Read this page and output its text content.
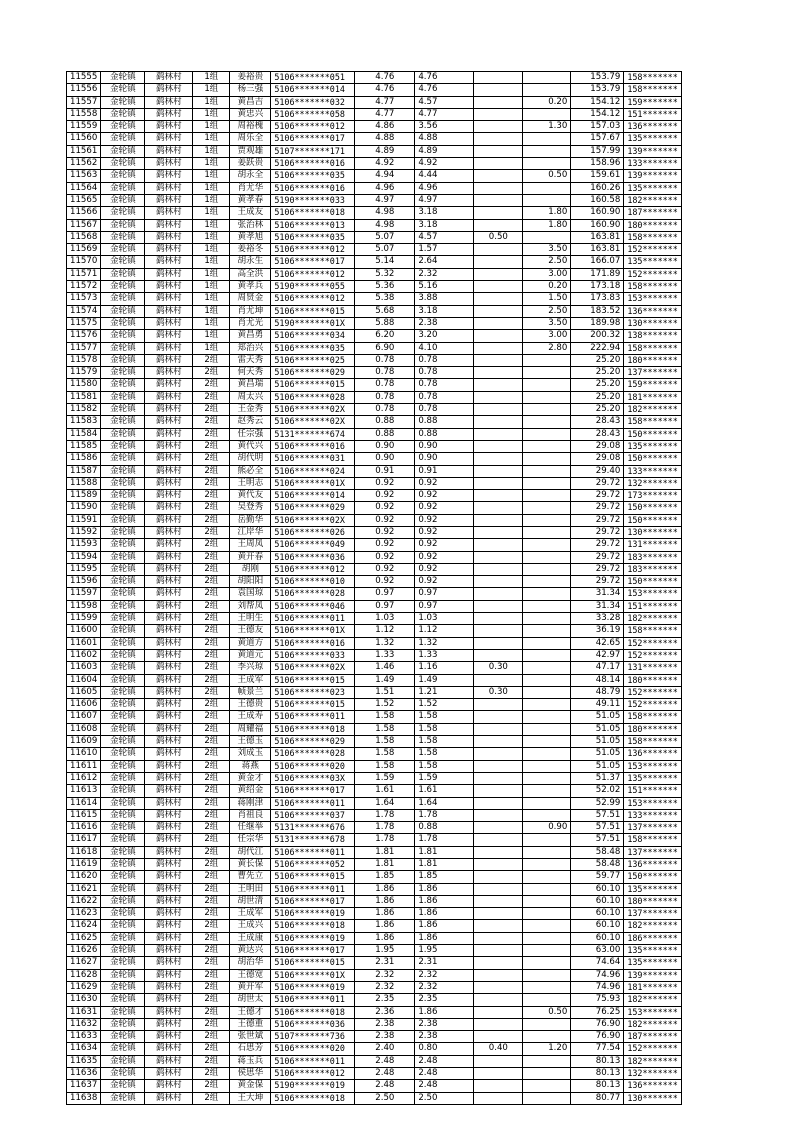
11555	金轮镇	鹞林村	1组	姜裕贵	5106*******051	4.76	4.76			153.79	158*******
11556	金轮镇	鹞林村	1组	杨三强	5106*******014	4.76	4.76			153.79	158*******
11557	金轮镇	鹞林村	1组	黄昌吉	5106*******032	4.77	4.57		0.20	154.12	159*******
11558	金轮镇	鹞林村	1组	黄忠兴	5106*******058	4.77	4.77			154.12	151*******
11559	金轮镇	鹞林村	1组	周裕槐	5106*******012	4.86	3.56		1.30	157.03	136*******
11560	金轮镇	鹞林村	1组	周乐全	5106*******017	4.88	4.88			157.67	135*******
11561	金轮镇	鹞林村	1组	贾观雄	5107*******171	4.89	4.89			157.99	139*******
11562	金轮镇	鹞林村	1组	姜跃贵	5106*******016	4.92	4.92			158.96	133*******
11563	金轮镇	鹞林村	1组	胡永全	5106*******035	4.94	4.44		0.50	159.61	139*******
11564	金轮镇	鹞林村	1组	肖尤华	5106*******016	4.96	4.96			160.26	135*******
11565	金轮镇	鹞林村	1组	黄孝春	5190*******033	4.97	4.97			160.58	182*******
11566	金轮镇	鹞林村	1组	王成友	5106*******018	4.98	3.18		1.80	160.90	187*******
11567	金轮镇	鹞林村	1组	张治林	5106*******013	4.98	3.18		1.80	160.90	180*******
11568	金轮镇	鹞林村	1组	黄孝旭	5106*******035	5.07	4.57	0.50		163.81	158*******
11569	金轮镇	鹞林村	1组	姜裕冬	5106*******012	5.07	1.57		3.50	163.81	152*******
11570	金轮镇	鹞林村	1组	胡永生	5106*******017	5.14	2.64		2.50	166.07	135*******
11571	金轮镇	鹞林村	1组	高全洪	5106*******012	5.32	2.32		3.00	171.89	152*******
11572	金轮镇	鹞林村	1组	黄孝兵	5190*******055	5.36	5.16		0.20	173.18	158*******
11573	金轮镇	鹞林村	1组	周贤金	5106*******012	5.38	3.88		1.50	173.83	153*******
11574	金轮镇	鹞林村	1组	肖尤坤	5106*******015	5.68	3.18		2.50	183.52	136*******
11575	金轮镇	鹞林村	1组	肖尤光	5190*******01X	5.88	2.38		3.50	189.98	130*******
11576	金轮镇	鹞林村	1组	黄昌勇	5106*******034	6.20	3.20		3.00	200.32	138*******
11577	金轮镇	鹞林村	1组	郑治兴	5106*******035	6.90	4.10		2.80	222.94	158*******
11578	金轮镇	鹞林村	2组	雷天秀	5106*******025	0.78	0.78			25.20	180*******
11579	金轮镇	鹞林村	2组	何天秀	5106*******029	0.78	0.78			25.20	137*******
11580	金轮镇	鹞林村	2组	黄昌瑞	5106*******015	0.78	0.78			25.20	159*******
11581	金轮镇	鹞林村	2组	周太兴	5106*******028	0.78	0.78			25.20	181*******
11582	金轮镇	鹞林村	2组	王金秀	5106*******02X	0.78	0.78			25.20	182*******
11583	金轮镇	鹞林村	2组	赵秀云	5106*******02X	0.88	0.88			28.43	158*******
11584	金轮镇	鹞林村	2组	任宗强	5131*******674	0.88	0.88			28.43	150*******
11585	金轮镇	鹞林村	2组	黄代兴	5106*******016	0.90	0.90			29.08	135*******
11586	金轮镇	鹞林村	2组	胡代明	5106*******031	0.90	0.90			29.08	150*******
11587	金轮镇	鹞林村	2组	熊必全	5106*******024	0.91	0.91			29.40	133*******
11588	金轮镇	鹞林村	2组	王明志	5106*******01X	0.92	0.92			29.72	132*******
11589	金轮镇	鹞林村	2组	黄代友	5106*******014	0.92	0.92			29.72	173*******
11590	金轮镇	鹞林村	2组	吴登秀	5106*******029	0.92	0.92			29.72	150*******
11591	金轮镇	鹞林村	2组	岳勤华	5106*******02X	0.92	0.92			29.72	150*******
11592	金轮镇	鹞林村	2组	江岸华	5106*******026	0.92	0.92			29.72	130*******
11593	金轮镇	鹞林村	2组	王周凤	5106*******049	0.92	0.92			29.72	131*******
11594	金轮镇	鹞林村	2组	黄开春	5106*******036	0.92	0.92			29.72	183*******
11595	金轮镇	鹞林村	2组	胡刚	5106*******012	0.92	0.92			29.72	183*******
11596	金轮镇	鹞林村	2组	胡阳阳	5106*******010	0.92	0.92			29.72	150*******
11597	金轮镇	鹞林村	2组	袁国琼	5106*******028	0.97	0.97			31.34	153*******
11598	金轮镇	鹞林村	2组	刘帮凤	5106*******046	0.97	0.97			31.34	151*******
11599	金轮镇	鹞林村	2组	王明生	5106*******011	1.03	1.03			33.28	182*******
11600	金轮镇	鹞林村	2组	王德友	5106*******01X	1.12	1.12			36.19	158*******
11601	金轮镇	鹞林村	2组	黄道方	5106*******016	1.32	1.32			42.65	152*******
11602	金轮镇	鹞林村	2组	黄道元	5106*******033	1.33	1.33			42.97	152*******
11603	金轮镇	鹞林村	2组	李兴琼	5106*******02X	1.46	1.16	0.30		47.17	131*******
11604	金轮镇	鹞林村	2组	王成军	5106*******015	1.49	1.49			48.14	180*******
11605	金轮镇	鹞林村	2组	帧景兰	5106*******023	1.51	1.21	0.30		48.79	152*******
11606	金轮镇	鹞林村	2组	王德贵	5106*******015	1.52	1.52			49.11	152*******
11607	金轮镇	鹞林村	2组	王成寿	5106*******011	1.58	1.58			51.05	158*******
11608	金轮镇	鹞林村	2组	周耀福	5106*******018	1.58	1.58			51.05	180*******
11609	金轮镇	鹞林村	2组	王德玉	5106*******029	1.58	1.58			51.05	158*******
11610	金轮镇	鹞林村	2组	刘成玉	5106*******028	1.58	1.58			51.05	136*******
11611	金轮镇	鹞林村	2组	蒋燕	5106*******020	1.58	1.58			51.05	153*******
11612	金轮镇	鹞林村	2组	黄金才	5106*******03X	1.59	1.59			51.37	135*******
11613	金轮镇	鹞林村	2组	黄绍金	5106*******017	1.61	1.61			52.02	151*******
11614	金轮镇	鹞林村	2组	蒋刚津	5106*******011	1.64	1.64			52.99	153*******
11615	金轮镇	鹞林村	2组	肖祖良	5106*******037	1.78	1.78			57.51	133*******
11616	金轮镇	鹞林村	2组	任继举	5131*******676	1.78	0.88		0.90	57.51	137*******
11617	金轮镇	鹞林村	2组	任宗华	5131*******678	1.78	1.78			57.51	158*******
11618	金轮镇	鹞林村	2组	胡代江	5106*******011	1.81	1.81			58.48	137*******
11619	金轮镇	鹞林村	2组	黄长保	5106*******052	1.81	1.81			58.48	136*******
11620	金轮镇	鹞林村	2组	曹先立	5106*******015	1.85	1.85			59.77	150*******
11621	金轮镇	鹞林村	2组	王明田	5106*******011	1.86	1.86			60.10	135*******
11622	金轮镇	鹞林村	2组	胡世清	5106*******017	1.86	1.86			60.10	180*******
11623	金轮镇	鹞林村	2组	王成军	5106*******019	1.86	1.86			60.10	137*******
11624	金轮镇	鹞林村	2组	王成兴	5106*******018	1.86	1.86			60.10	182*******
11625	金轮镇	鹞林村	2组	王成康	5106*******019	1.86	1.86			60.10	186*******
11626	金轮镇	鹞林村	2组	黄达兴	5106*******017	1.95	1.95			63.00	135*******
11627	金轮镇	鹞林村	2组	胡治华	5106*******015	2.31	2.31			74.64	135*******
11628	金轮镇	鹞林村	2组	王德宽	5106*******01X	2.32	2.32			74.96	139*******
11629	金轮镇	鹞林村	2组	黄开军	5106*******019	2.32	2.32			74.96	181*******
11630	金轮镇	鹞林村	2组	胡世太	5106*******011	2.35	2.35			75.93	182*******
11631	金轮镇	鹞林村	2组	王德才	5106*******018	2.36	1.86		0.50	76.25	153*******
11632	金轮镇	鹞林村	2组	王德重	5106*******036	2.38	2.38			76.90	182*******
11633	金轮镇	鹞林村	2组	张世斌	5107*******736	2.38	2.38			76.90	187*******
11634	金轮镇	鹞林村	2组	石思芳	5106*******020	2.40	0.80	0.40	1.20	77.54	152*******
11635	金轮镇	鹞林村	2组	蒋玉兵	5106*******011	2.48	2.48			80.13	182*******
11636	金轮镇	鹞林村	2组	侯思华	5106*******012	2.48	2.48			80.13	132*******
11637	金轮镇	鹞林村	2组	黄金保	5190*******019	2.48	2.48			80.13	136*******
11638	金轮镇	鹞林村	2组	王大坤	5106*******018	2.50	2.50			80.77	130*******
